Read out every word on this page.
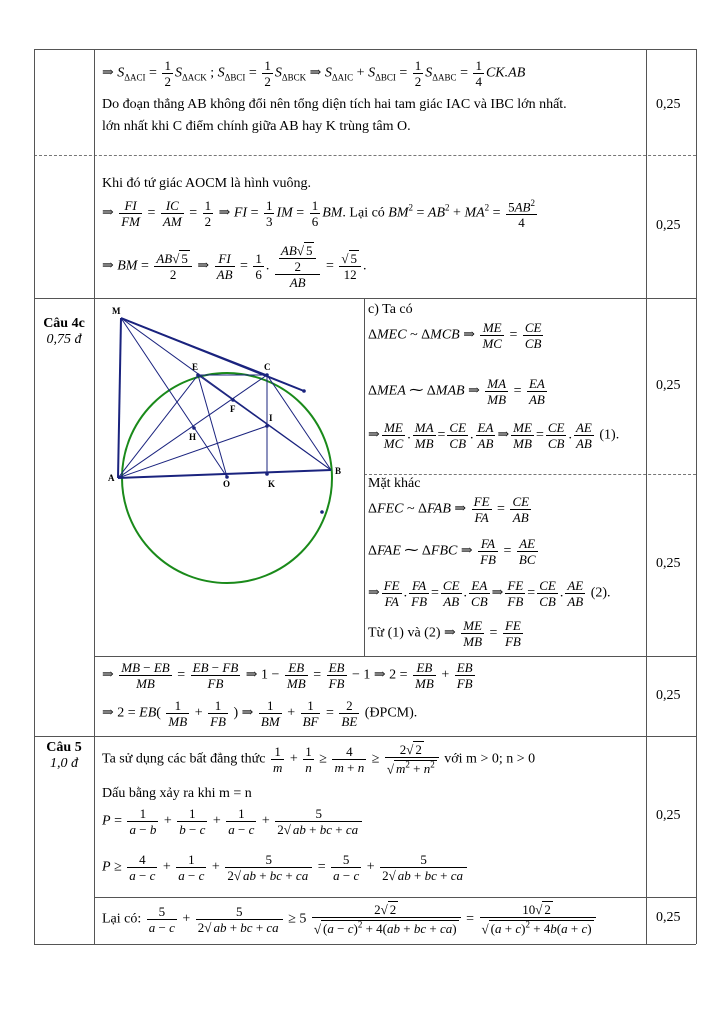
⇒ $S_{\Delta ACI} = \frac{1}{2} S_{\Delta ACK}$ ; $S_{\Delta BCI} = \frac{1}{2} S_{\Delta BCK}$ ⇒ $S_{\Delta AIC} + S_{\Delta BCI} = \frac{1}{2} S_{\Delta ABC} = \frac{1}{4} CK.AB$
Do đoạn thẳng AB không đổi nên tổng diện tích hai tam giác IAC và IBC lớn nhất.
lớn nhất khi C điểm chính giữa AB hay K trùng tâm O.
0,25
Khi đó tứ giác AOCM là hình vuông.
⇒ $\frac{FI}{FM} = \frac{IC}{AM} = \frac{1}{2}$ ⇒ FI = $\frac{1}{3}$ IM = $\frac{1}{6}$ BM. Lại có $BM^2 = AB^2 + MA^2 = \frac{5AB^2}{4}$
⇒ BM = $\frac{AB√ 5}{2}$ ⇒ $\frac{FI}{AB} = \frac{1}{6}$ . $\frac{\frac{AB√ 5}{2}}{AB} = \frac{√ 5}{12}$ .
0,25
Câu 4c
0,75 đ
M
E	C
F
I
H
A
O	K
B
c) Ta có
ΔMEC ~ ΔMCB ⇒ $\frac{ME}{MC} = \frac{CE}{CB}$
ΔMEA ⁓ ΔMAB ⇒ $\frac{MA}{MB} = \frac{EA}{AB}$
⇒ $\frac{ME}{MC}$ . $\frac{MA}{MB} = \frac{CE}{CB}$ . $\frac{EA}{AB}$ ⇒ $\frac{ME}{MB} = \frac{CE}{CB}$ . $\frac{AE}{AB} (1)$.
0,25
Mặt khác
ΔFEC ~ ΔFAB ⇒ $\frac{FE}{FA} = \frac{CE}{AB}$
ΔFAE ⁓ ΔFBC ⇒ $\frac{FA}{FB} = \frac{AE}{BC}$
⇒ $\frac{FE}{FA}$ . $\frac{FA}{FB} = \frac{CE}{AB}$ . $\frac{EA}{CB}$ ⇒ $\frac{FE}{FB} = \frac{CE}{CB}$ . $\frac{AE}{AB} (2)$.
Từ (1) và (2) ⇒ $\frac{ME}{MB} = \frac{FE}{FB}$
0,25
⇒ $\frac{MB - EB}{MB} = \frac{EB - FB}{FB}$ ⇒ $1 - \frac{EB}{MB} = \frac{EB}{FB} - 1$ ⇒ $2 = \frac{EB}{MB} + \frac{EB}{FB}$
⇒ $2 = EB( \frac{1}{MB} + \frac{1}{FB}$ ) ⇒ $\frac{1}{BM} + \frac{1}{BF} = \frac{2}{BE}$ (ĐPCM).
0,25
Câu 5
1,0 đ	Ta sử dụng các bất đẳng thức $\frac{1}{m} + \frac{1}{n} \ge \frac{4}{m + n} \ge \frac{2√ 2}{√ m^2 + n^2}$ với m > 0; n > 0
Dấu bằng xảy ra khi m = n
$P = \frac{1}{a - b} + \frac{1}{b - c} + \frac{1}{a - c} + \frac{5}{2√ ab + bc + ca}$
$P \ge \frac{4}{a - c} + \frac{1}{a - c} + \frac{5}{2√ ab + bc + ca} = \frac{5}{a - c} + \frac{5}{2√ ab + bc + ca}$
0,25
Lại có: $\frac{5}{a - c} + \frac{5}{2√ ab + bc + ca} \ge 5 \frac{2√ 2}{√ (a - c)^2 + 4(ab + bc + ca)} = \frac{10√ 2}{√ (a + c)^2 + 4b(a + c)}$	0,25
